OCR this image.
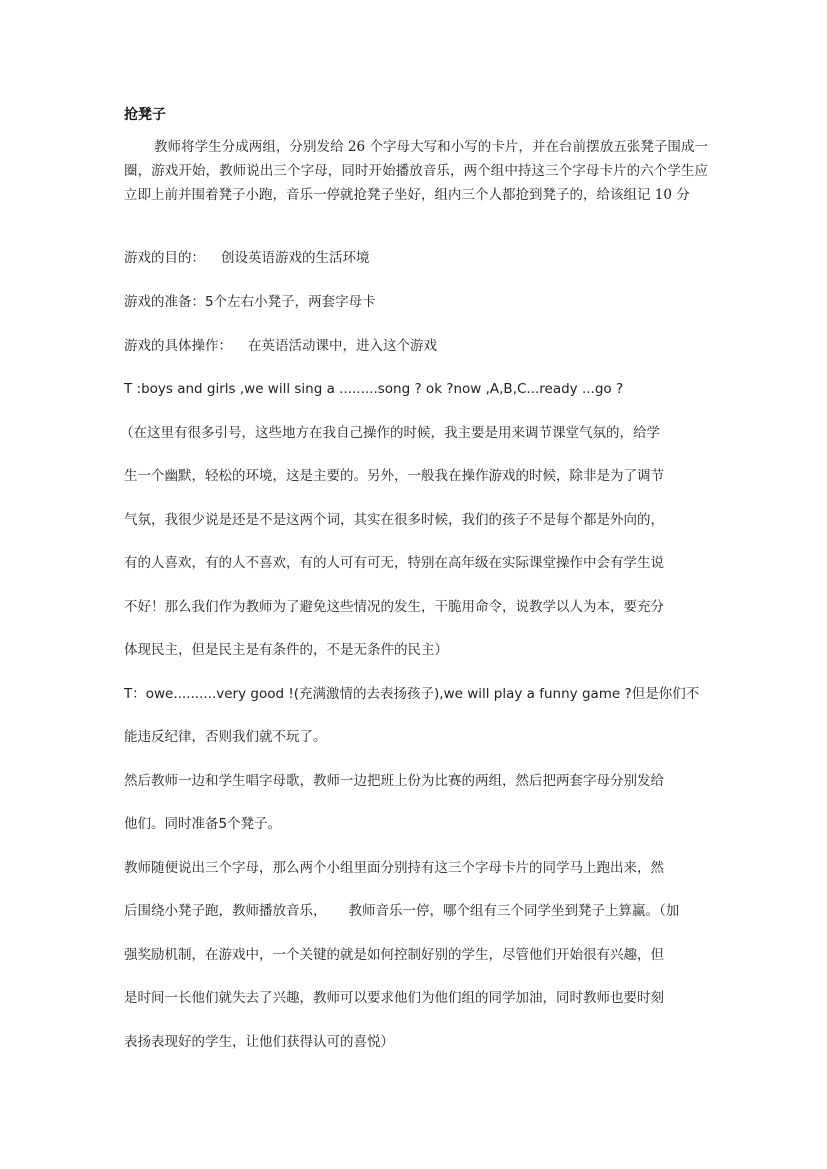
抢凳子

教师将学生分成两组，分别发给 26 个字母大写和小写的卡片，并在台前摆放五张凳子围成一圈，游戏开始，教师说出三个字母，同时开始播放音乐，两个组中持这三个字母卡片的六个学生应立即上前并围着凳子小跑，音乐一停就抢凳子坐好，组内三个人都抢到凳子的，给该组记 10 分

游戏的目的： 创设英语游戏的生活环境

游戏的准备：5个左右小凳子，两套字母卡

游戏的具体操作： 在英语活动课中，进入这个游戏

T :boys and girls ,we will sing a .........song ? ok ?now ,A,B,C...ready ...go ?

（在这里有很多引号，这些地方在我自己操作的时候，我主要是用来调节课堂气氛的，给学

生一个幽默，轻松的环境，这是主要的。另外，一般我在操作游戏的时候，除非是为了调节

气氛，我很少说是还是不是这两个词，其实在很多时候，我们的孩子不是每个都是外向的，

有的人喜欢，有的人不喜欢，有的人可有可无，特别在高年级在实际课堂操作中会有学生说

不好！那么我们作为教师为了避免这些情况的发生，干脆用命令，说教学以人为本，要充分

体现民主，但是民主是有条件的，不是无条件的民主）

T：owe..........very good !(充满激情的去表扬孩子),we will play a funny game ?但是你们不

能违反纪律，否则我们就不玩了。

然后教师一边和学生唱字母歌，教师一边把班上份为比赛的两组，然后把两套字母分别发给

他们。同时准备5个凳子。

教师随便说出三个字母，那么两个小组里面分别持有这三个字母卡片的同学马上跑出来，然

后围绕小凳子跑，教师播放音乐， 教师音乐一停，哪个组有三个同学坐到凳子上算赢。（加

强奖励机制，在游戏中，一个关键的就是如何控制好别的学生，尽管他们开始很有兴趣，但

是时间一长他们就失去了兴趣，教师可以要求他们为他们组的同学加油，同时教师也要时刻

表扬表现好的学生，让他们获得认可的喜悦）
